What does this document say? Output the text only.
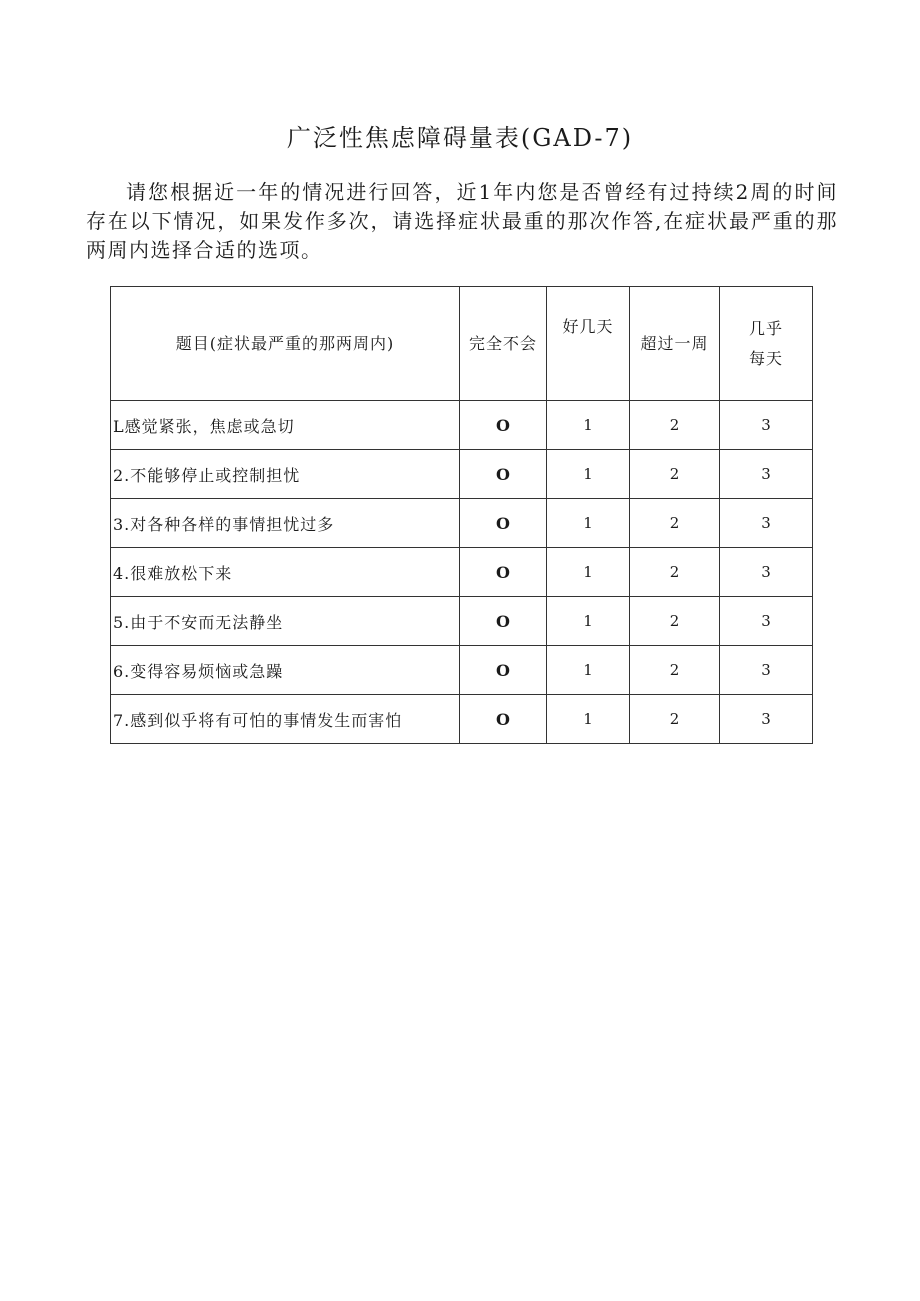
广泛性焦虑障碍量表(GAD-7)

请您根据近一年的情况进行回答，近1年内您是否曾经有过持续2周的时间存在以下情况，如果发作多次，请选择症状最重的那次作答,在症状最严重的那两周内选择合适的选项。

题目(症状最严重的那两周内)	完全不会	好几天	超过一周	几乎
每天

L感觉紧张，焦虑或急切	O	1	2	3
2.不能够停止或控制担忧	O	1	2	3
3.对各种各样的事情担忧过多	O	1	2	3
4.很难放松下来	O	1	2	3
5.由于不安而无法静坐	O	1	2	3
6.变得容易烦恼或急躁	O	1	2	3
7.感到似乎将有可怕的事情发生而害怕	O	1	2	3
